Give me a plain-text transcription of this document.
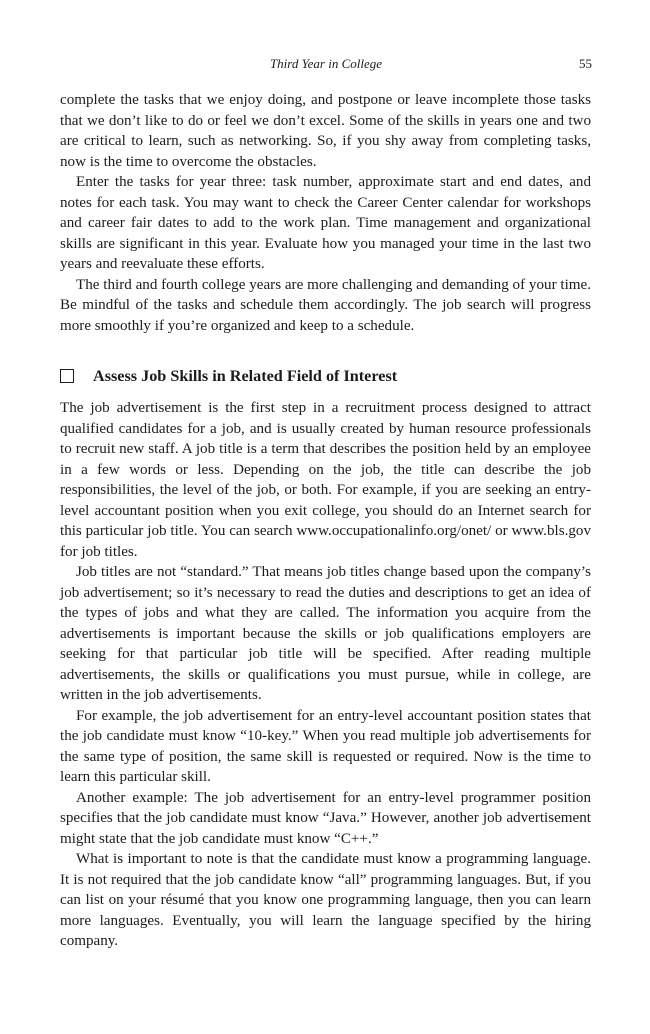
Third Year in College	55

complete the tasks that we enjoy doing, and postpone or leave incomplete those tasks that we don’t like to do or feel we don’t excel. Some of the skills in years one and two are critical to learn, such as networking. So, if you shy away from completing tasks, now is the time to overcome the obstacles.

Enter the tasks for year three: task number, approximate start and end dates, and notes for each task. You may want to check the Career Center calendar for workshops and career fair dates to add to the work plan. Time management and organizational skills are significant in this year. Evaluate how you managed your time in the last two years and reevaluate these efforts.

The third and fourth college years are more challenging and demanding of your time. Be mindful of the tasks and schedule them accordingly. The job search will progress more smoothly if you’re organized and keep to a schedule.

Assess Job Skills in Related Field of Interest

The job advertisement is the first step in a recruitment process designed to attract qualified candidates for a job, and is usually created by human resource professionals to recruit new staff. A job title is a term that describes the position held by an employee in a few words or less. Depending on the job, the title can describe the job responsibilities, the level of the job, or both. For example, if you are seeking an entry-level accountant position when you exit college, you should do an Internet search for this particular job title. You can search www.occupationalinfo.org/onet/ or www.bls.gov for job titles.

Job titles are not “standard.” That means job titles change based upon the company’s job advertisement; so it’s necessary to read the duties and descriptions to get an idea of the types of jobs and what they are called. The information you acquire from the advertisements is important because the skills or job qualifications employers are seeking for that particular job title will be specified. After reading multiple advertisements, the skills or qualifications you must pursue, while in college, are written in the job advertisements.

For example, the job advertisement for an entry-level accountant position states that the job candidate must know “10-key.” When you read multiple job advertisements for the same type of position, the same skill is requested or required. Now is the time to learn this particular skill.

Another example: The job advertisement for an entry-level programmer position specifies that the job candidate must know “Java.” However, another job advertisement might state that the job candidate must know “C++.”

What is important to note is that the candidate must know a programming language. It is not required that the job candidate know “all” programming languages. But, if you can list on your résumé that you know one programming language, then you can learn more languages. Eventually, you will learn the language specified by the hiring company.
